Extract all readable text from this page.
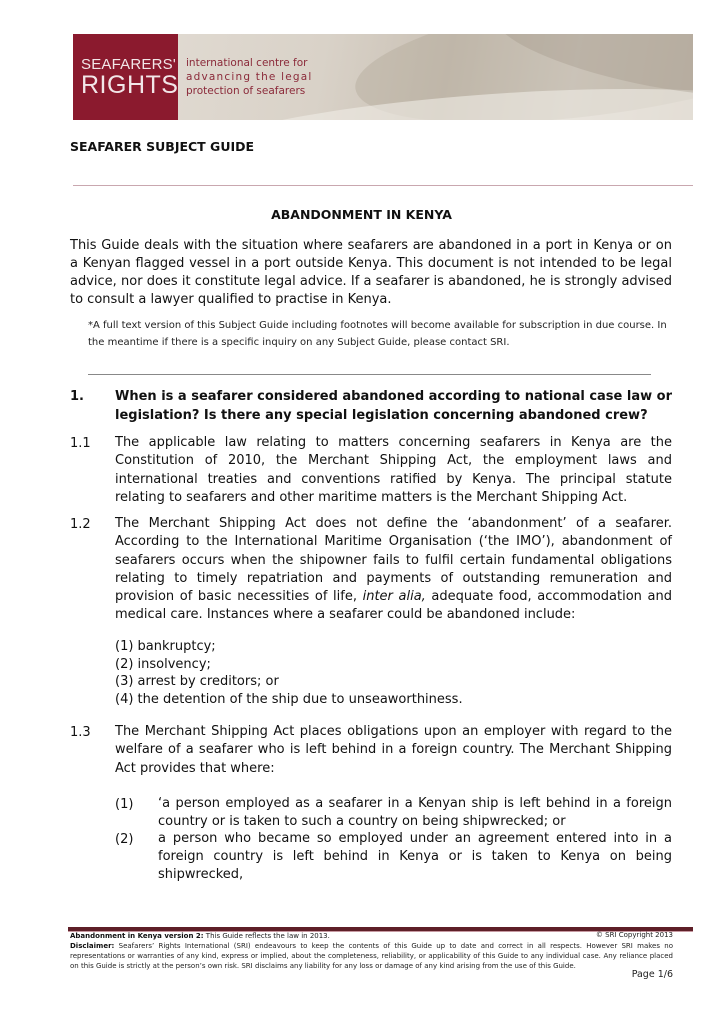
SEAFARERS'
RIGHTS
international centre for
advancing the legal
protection of seafarers
SEAFARER SUBJECT GUIDE
ABANDONMENT IN KENYA
This Guide deals with the situation where seafarers are abandoned in a port in Kenya or on a Kenyan flagged vessel in a port outside Kenya. This document is not intended to be legal advice, nor does it constitute legal advice. If a seafarer is abandoned, he is strongly advised to consult a lawyer qualified to practise in Kenya.
*A full text version of this Subject Guide including footnotes will become available for subscription in due course. In the meantime if there is a specific inquiry on any Subject Guide, please contact SRI.
1. When is a seafarer considered abandoned according to national case law or legislation? Is there any special legislation concerning abandoned crew?
1.1 The applicable law relating to matters concerning seafarers in Kenya are the Constitution of 2010, the Merchant Shipping Act, the employment laws and international treaties and conventions ratified by Kenya. The principal statute relating to seafarers and other maritime matters is the Merchant Shipping Act.
1.2 The Merchant Shipping Act does not define the ‘abandonment’ of a seafarer. According to the International Maritime Organisation (‘the IMO’), abandonment of seafarers occurs when the shipowner fails to fulfil certain fundamental obligations relating to timely repatriation and payments of outstanding remuneration and provision of basic necessities of life, inter alia, adequate food, accommodation and medical care. Instances where a seafarer could be abandoned include:
(1) bankruptcy;
(2) insolvency;
(3) arrest by creditors; or
(4) the detention of the ship due to unseaworthiness.
1.3 The Merchant Shipping Act places obligations upon an employer with regard to the welfare of a seafarer who is left behind in a foreign country. The Merchant Shipping Act provides that where:
(1) ‘a person employed as a seafarer in a Kenyan ship is left behind in a foreign country or is taken to such a country on being shipwrecked; or
(2) a person who became so employed under an agreement entered into in a foreign country is left behind in Kenya or is taken to Kenya on being shipwrecked,
© SRI Copyright 2013
Abandonment in Kenya version 2: This Guide reflects the law in 2013.
Disclaimer: Seafarers’ Rights International (SRI) endeavours to keep the contents of this Guide up to date and correct in all respects. However SRI makes no representations or warranties of any kind, express or implied, about the completeness, reliability, or applicability of this Guide to any individual case. Any reliance placed on this Guide is strictly at the person’s own risk. SRI disclaims any liability for any loss or damage of any kind arising from the use of this Guide.
Page 1/6
